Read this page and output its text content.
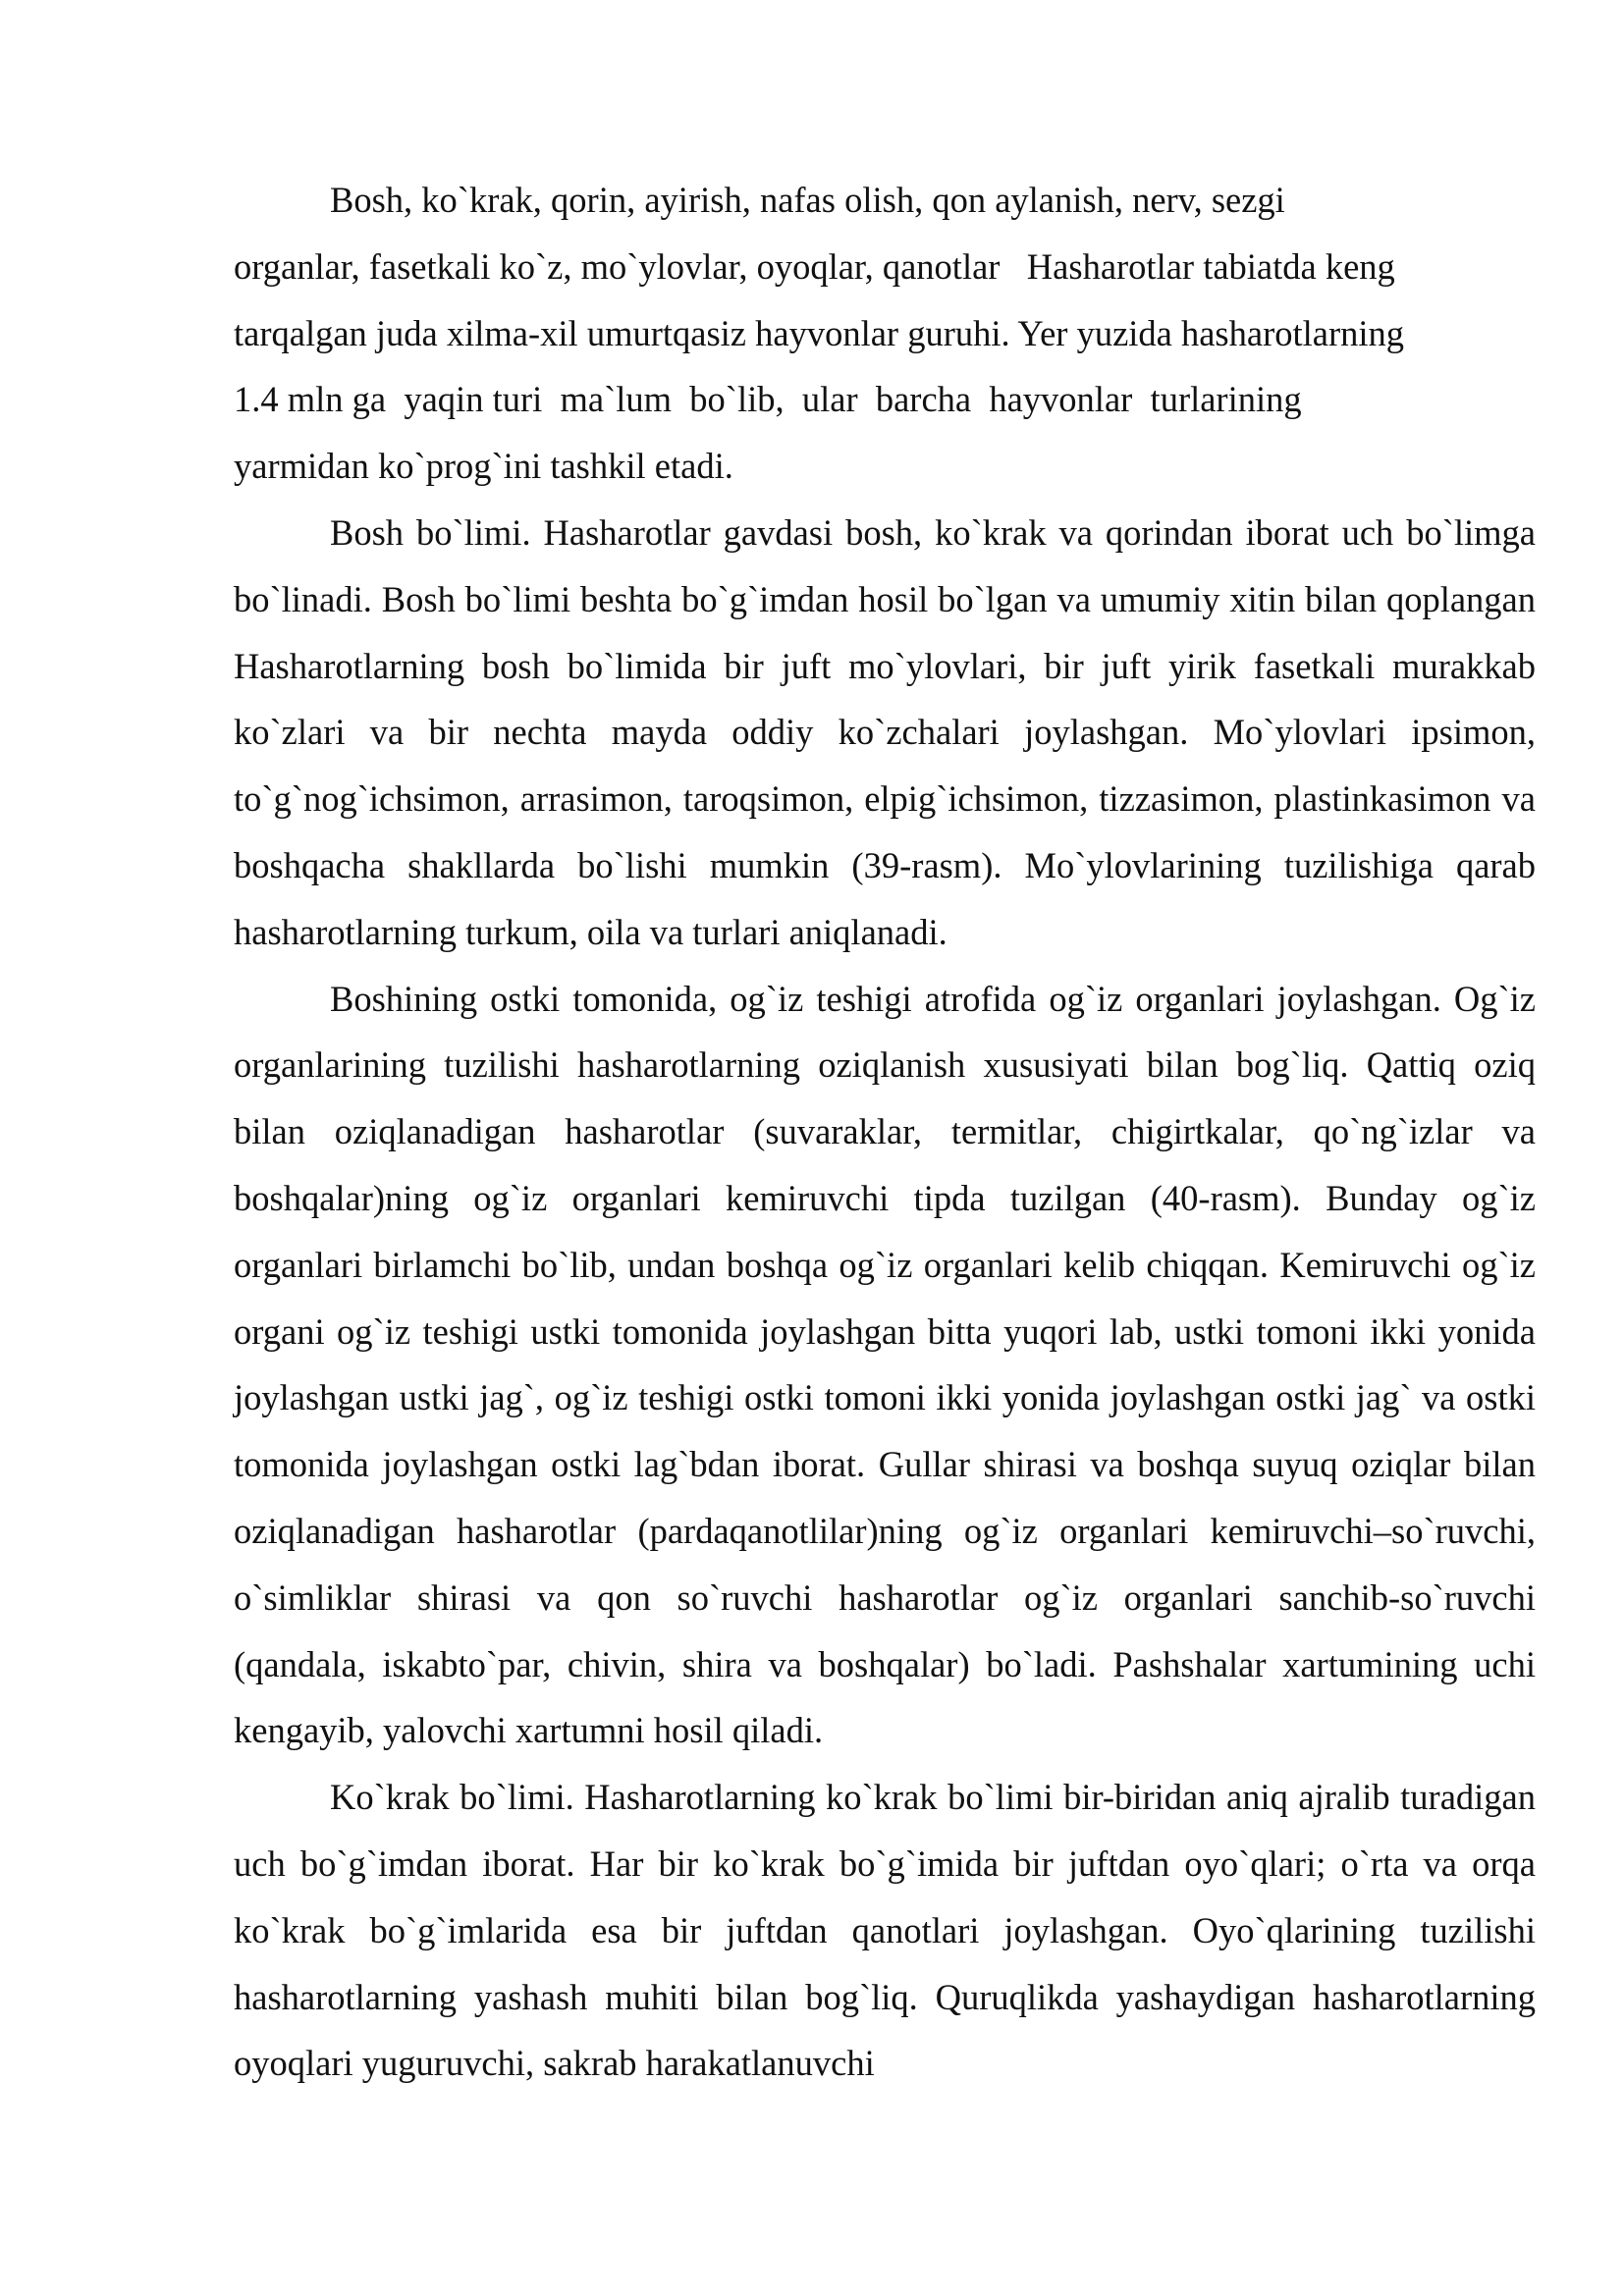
Bosh, ko`krak, qorin, ayirish, nafas olish, qon aylanish, nerv, sezgi
organlar, fasetkali ko`z, mo`ylovlar, oyoqlar, qanotlar   Hasharotlar tabiatda keng
tarqalgan juda xilma-xil umurtqasiz hayvonlar guruhi. Yer yuzida hasharotlarning
1.4 mln ga  yaqin turi  ma`lum  bo`lib,  ular  barcha  hayvonlar  turlarining
yarmidan ko`prog`ini tashkil etadi.

Bosh bo`limi. Hasharotlar gavdasi bosh, ko`krak va qorindan iborat uch bo`limga bo`linadi. Bosh bo`limi beshta bo`g`imdan hosil bo`lgan va umumiy xitin bilan qoplangan Hasharotlarning bosh bo`limida bir juft mo`ylovlari, bir juft yirik fasetkali murakkab ko`zlari va bir nechta mayda oddiy ko`zchalari joylashgan. Mo`ylovlari ipsimon, to`g`nog`ichsimon, arrasimon, taroqsimon, elpig`ichsimon, tizzasimon, plastinkasimon va boshqacha shakllarda bo`lishi mumkin (39-rasm). Mo`ylovlarining tuzilishiga qarab hasharotlarning turkum, oila va turlari aniqlanadi.

Boshining ostki tomonida, og`iz teshigi atrofida og`iz organlari joylashgan. Og`iz organlarining tuzilishi hasharotlarning oziqlanish xususiyati bilan bog`liq. Qattiq oziq bilan oziqlanadigan hasharotlar (suvaraklar, termitlar, chigirtkalar, qo`ng`izlar va boshqalar)ning og`iz organlari kemiruvchi tipda tuzilgan (40-rasm). Bunday og`iz organlari birlamchi bo`lib, undan boshqa og`iz organlari kelib chiqqan. Kemiruvchi og`iz organi og`iz teshigi ustki tomonida joylashgan bitta yuqori lab, ustki tomoni ikki yonida joylashgan ustki jag`, og`iz teshigi ostki tomoni ikki yonida joylashgan ostki jag` va ostki tomonida joylashgan ostki lag`bdan iborat. Gullar shirasi va boshqa suyuq oziqlar bilan oziqlanadigan hasharotlar (pardaqanotlilar)ning og`iz organlari kemiruvchi–so`ruvchi, o`simliklar shirasi va qon so`ruvchi hasharotlar og`iz organlari sanchib-so`ruvchi (qandala, iskabto`par, chivin, shira va boshqalar) bo`ladi. Pashshalar xartumining uchi kengayib, yalovchi xartumni hosil qiladi.

Ko`krak bo`limi. Hasharotlarning ko`krak bo`limi bir-biridan aniq ajralib turadigan uch bo`g`imdan iborat. Har bir ko`krak bo`g`imida bir juftdan oyo`qlari; o`rta va orqa ko`krak bo`g`imlarida esa bir juftdan qanotlari joylashgan. Oyo`qlarining tuzilishi hasharotlarning yashash muhiti bilan bog`liq. Quruqlikda yashaydigan hasharotlarning oyoqlari yuguruvchi, sakrab harakatlanuvchi
